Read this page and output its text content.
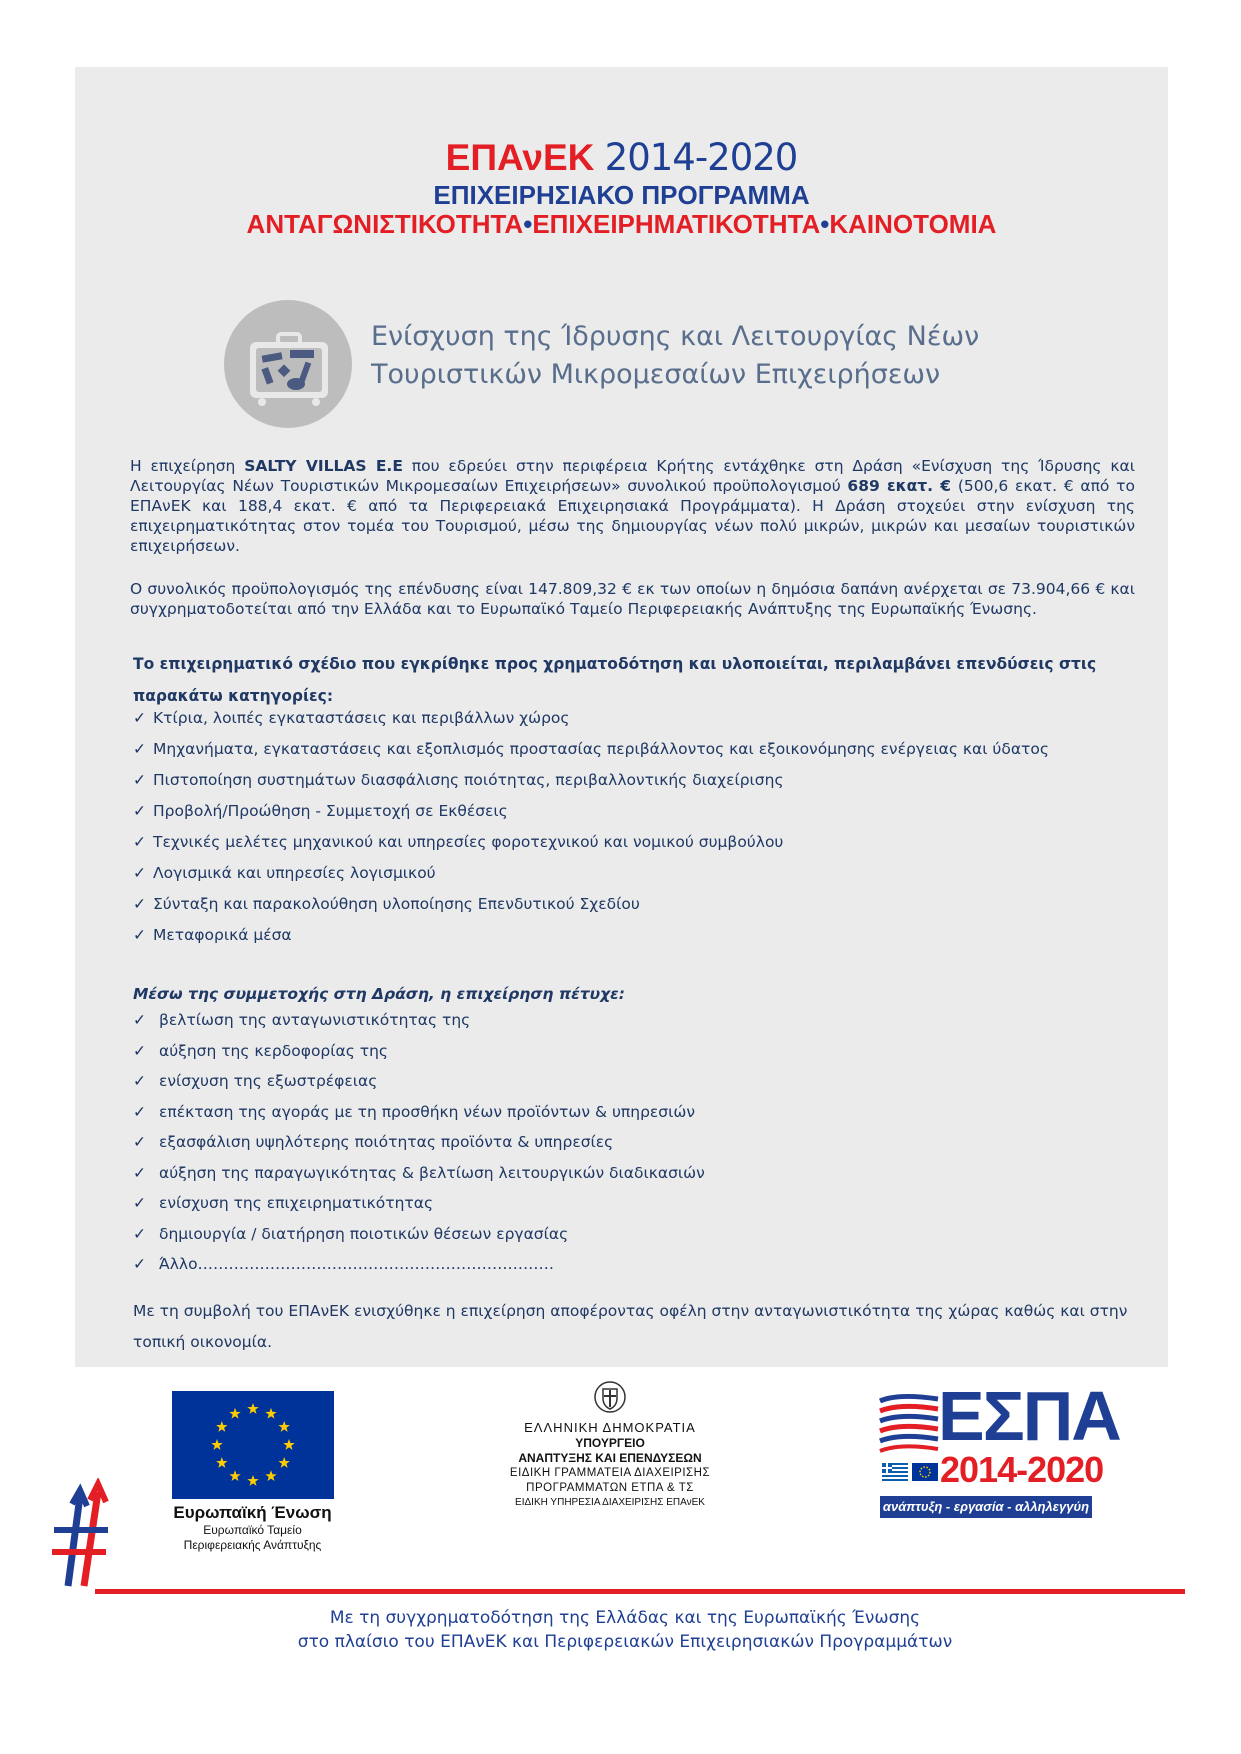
ΕΠΑνΕΚ 2014-2020
ΕΠΙΧΕΙΡΗΣΙΑΚΟ ΠΡΟΓΡΑΜΜΑ
ΑΝΤΑΓΩΝΙΣΤΙΚΟΤΗΤΑ•ΕΠΙΧΕΙΡΗΜΑΤΙΚΟΤΗΤΑ•ΚΑΙΝΟΤΟΜΙΑ
Ενίσχυση της Ίδρυσης και Λειτουργίας Νέων
Τουριστικών Μικρομεσαίων Επιχειρήσεων
Η επιχείρηση SALTY VILLAS E.E που εδρεύει στην περιφέρεια Κρήτης εντάχθηκε στη Δράση «Ενίσχυση της Ίδρυσης και Λειτουργίας Νέων Τουριστικών Μικρομεσαίων Επιχειρήσεων» συνολικού προϋπολογισμού 689 εκατ. € (500,6 εκατ. € από το ΕΠΑνΕΚ και 188,4 εκατ. € από τα Περιφερειακά Επιχειρησιακά Προγράμματα). Η Δράση στοχεύει στην ενίσχυση της επιχειρηματικότητας στον τομέα του Τουρισμού, μέσω της δημιουργίας νέων πολύ μικρών, μικρών και μεσαίων τουριστικών επιχειρήσεων.
Ο συνολικός προϋπολογισμός της επένδυσης είναι 147.809,32 € εκ των οποίων η δημόσια δαπάνη ανέρχεται σε 73.904,66 € και συγχρηματοδοτείται από την Ελλάδα και το Ευρωπαϊκό Ταμείο Περιφερειακής Ανάπτυξης της Ευρωπαϊκής Ένωσης.
Το επιχειρηματικό σχέδιο που εγκρίθηκε προς χρηματοδότηση και υλοποιείται, περιλαμβάνει επενδύσεις στις παρακάτω κατηγορίες:
✓ Κτίρια, λοιπές εγκαταστάσεις και περιβάλλων χώρος
✓ Μηχανήματα, εγκαταστάσεις και εξοπλισμός προστασίας περιβάλλοντος και εξοικονόμησης ενέργειας και ύδατος
✓ Πιστοποίηση συστημάτων διασφάλισης ποιότητας, περιβαλλοντικής διαχείρισης
✓ Προβολή/Προώθηση - Συμμετοχή σε Εκθέσεις
✓ Τεχνικές μελέτες μηχανικού και υπηρεσίες φοροτεχνικού και νομικού συμβούλου
✓ Λογισμικά και υπηρεσίες λογισμικού
✓ Σύνταξη και παρακολούθηση υλοποίησης Επενδυτικού Σχεδίου
✓ Μεταφορικά μέσα
Μέσω της συμμετοχής στη Δράση, η επιχείρηση πέτυχε:
✓ βελτίωση της ανταγωνιστικότητας της
✓ αύξηση της κερδοφορίας της
✓ ενίσχυση της εξωστρέφειας
✓ επέκταση της αγοράς με τη προσθήκη νέων προϊόντων & υπηρεσιών
✓ εξασφάλιση υψηλότερης ποιότητας προϊόντα & υπηρεσίες
✓ αύξηση της παραγωγικότητας & βελτίωση λειτουργικών διαδικασιών
✓ ενίσχυση της επιχειρηματικότητας
✓ δημιουργία / διατήρηση ποιοτικών θέσεων εργασίας
✓ Άλλο……………………………………………………………
Με τη συμβολή του ΕΠΑνΕΚ ενισχύθηκε η επιχείρηση αποφέροντας οφέλη στην ανταγωνιστικότητα της χώρας καθώς και στην τοπική οικονομία.
Ευρωπαϊκή Ένωση
Ευρωπαϊκό Ταμείο
Περιφερειακής Ανάπτυξης
ΕΛΛΗΝΙΚΗ ΔΗΜΟΚΡΑΤΙΑ
ΥΠΟΥΡΓΕΙΟ
ΑΝΑΠΤΥΞΗΣ ΚΑΙ ΕΠΕΝΔΥΣΕΩΝ
ΕΙΔΙΚΗ ΓΡΑΜΜΑΤΕΙΑ ΔΙΑΧΕΙΡΙΣΗΣ
ΠΡΟΓΡΑΜΜΑΤΩΝ ΕΤΠΑ & ΤΣ
ΕΙΔΙΚΗ ΥΠΗΡΕΣΙΑ ΔΙΑΧΕΙΡΙΣΗΣ ΕΠΑνΕΚ
ΕΣΠΑ
2014-2020
ανάπτυξη - εργασία - αλληλεγγύη
Με τη συγχρηματοδότηση της Ελλάδας και της Ευρωπαϊκής Ένωσης
στο πλαίσιο του ΕΠΑνΕΚ και Περιφερειακών Επιχειρησιακών Προγραμμάτων
